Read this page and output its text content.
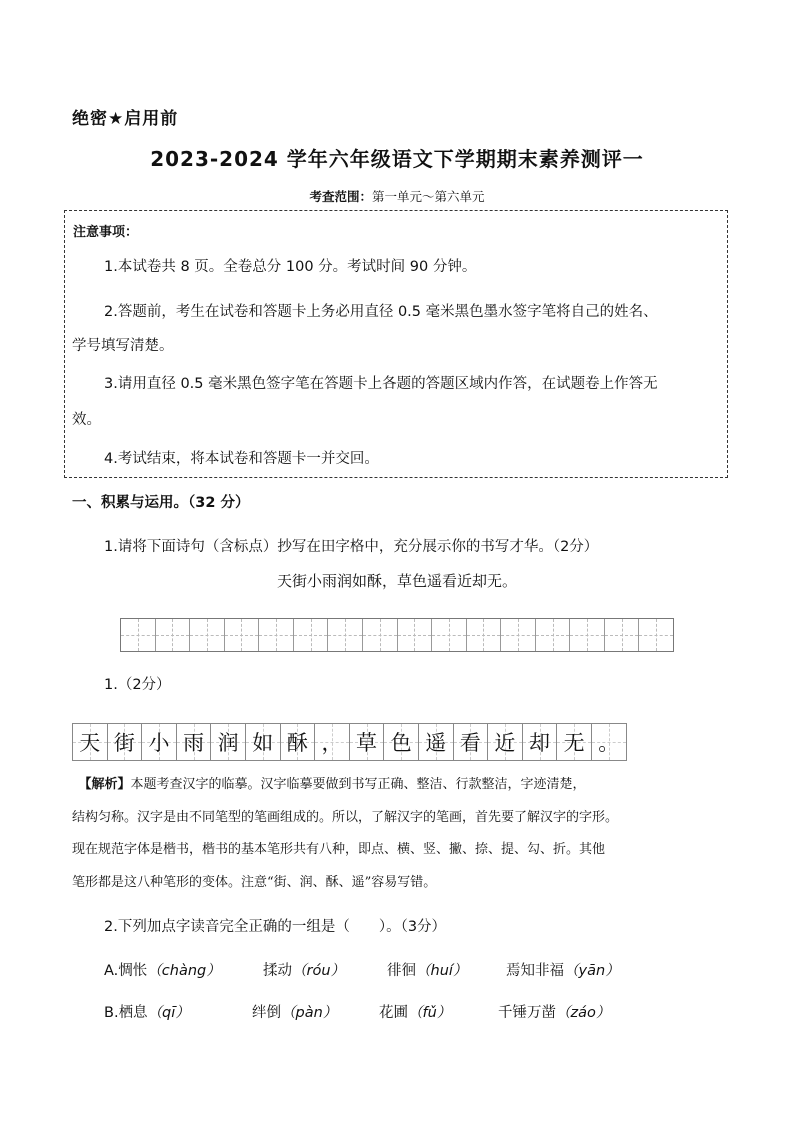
绝密★启用前
2023-2024 学年六年级语文下学期期末素养测评一
考查范围：第一单元～第六单元
注意事项：
1.本试卷共 8 页。全卷总分 100 分。考试时间 90 分钟。
2.答题前，考生在试卷和答题卡上务必用直径 0.5 毫米黑色墨水签字笔将自己的姓名、
学号填写清楚。
3.请用直径 0.5 毫米黑色签字笔在答题卡上各题的答题区域内作答，在试题卷上作答无
效。
4.考试结束，将本试卷和答题卡一并交回。
一、积累与运用。（32 分）
1.请将下面诗句（含标点）抄写在田字格中，充分展示你的书写才华。（2分）
天街小雨润如酥，草色遥看近却无。
1.（2分）
天 街 小 雨 润 如 酥 ， 草 色 遥 看 近 却 无 。
　【解析】本题考查汉字的临摹。汉字临摹要做到书写正确、整洁、行款整洁，字迹清楚，
结构匀称。汉字是由不同笔型的笔画组成的。所以，了解汉字的笔画，首先要了解汉字的字形。
现在规范字体是楷书，楷书的基本笔形共有八种，即点、横、竖、撇、捺、提、勾、折。其他
笔形都是这八种笔形的变体。注意“街、润、酥、遥”容易写错。
2.下列加点字读音完全正确的一组是（　　）。（3分）
A.惆怅（chàng）	揉动（róu）	徘徊（huí）	焉知非福（yān）
B.栖息（qī）	绊倒（pàn）	花圃（fǔ）	千锤万凿（záo）
